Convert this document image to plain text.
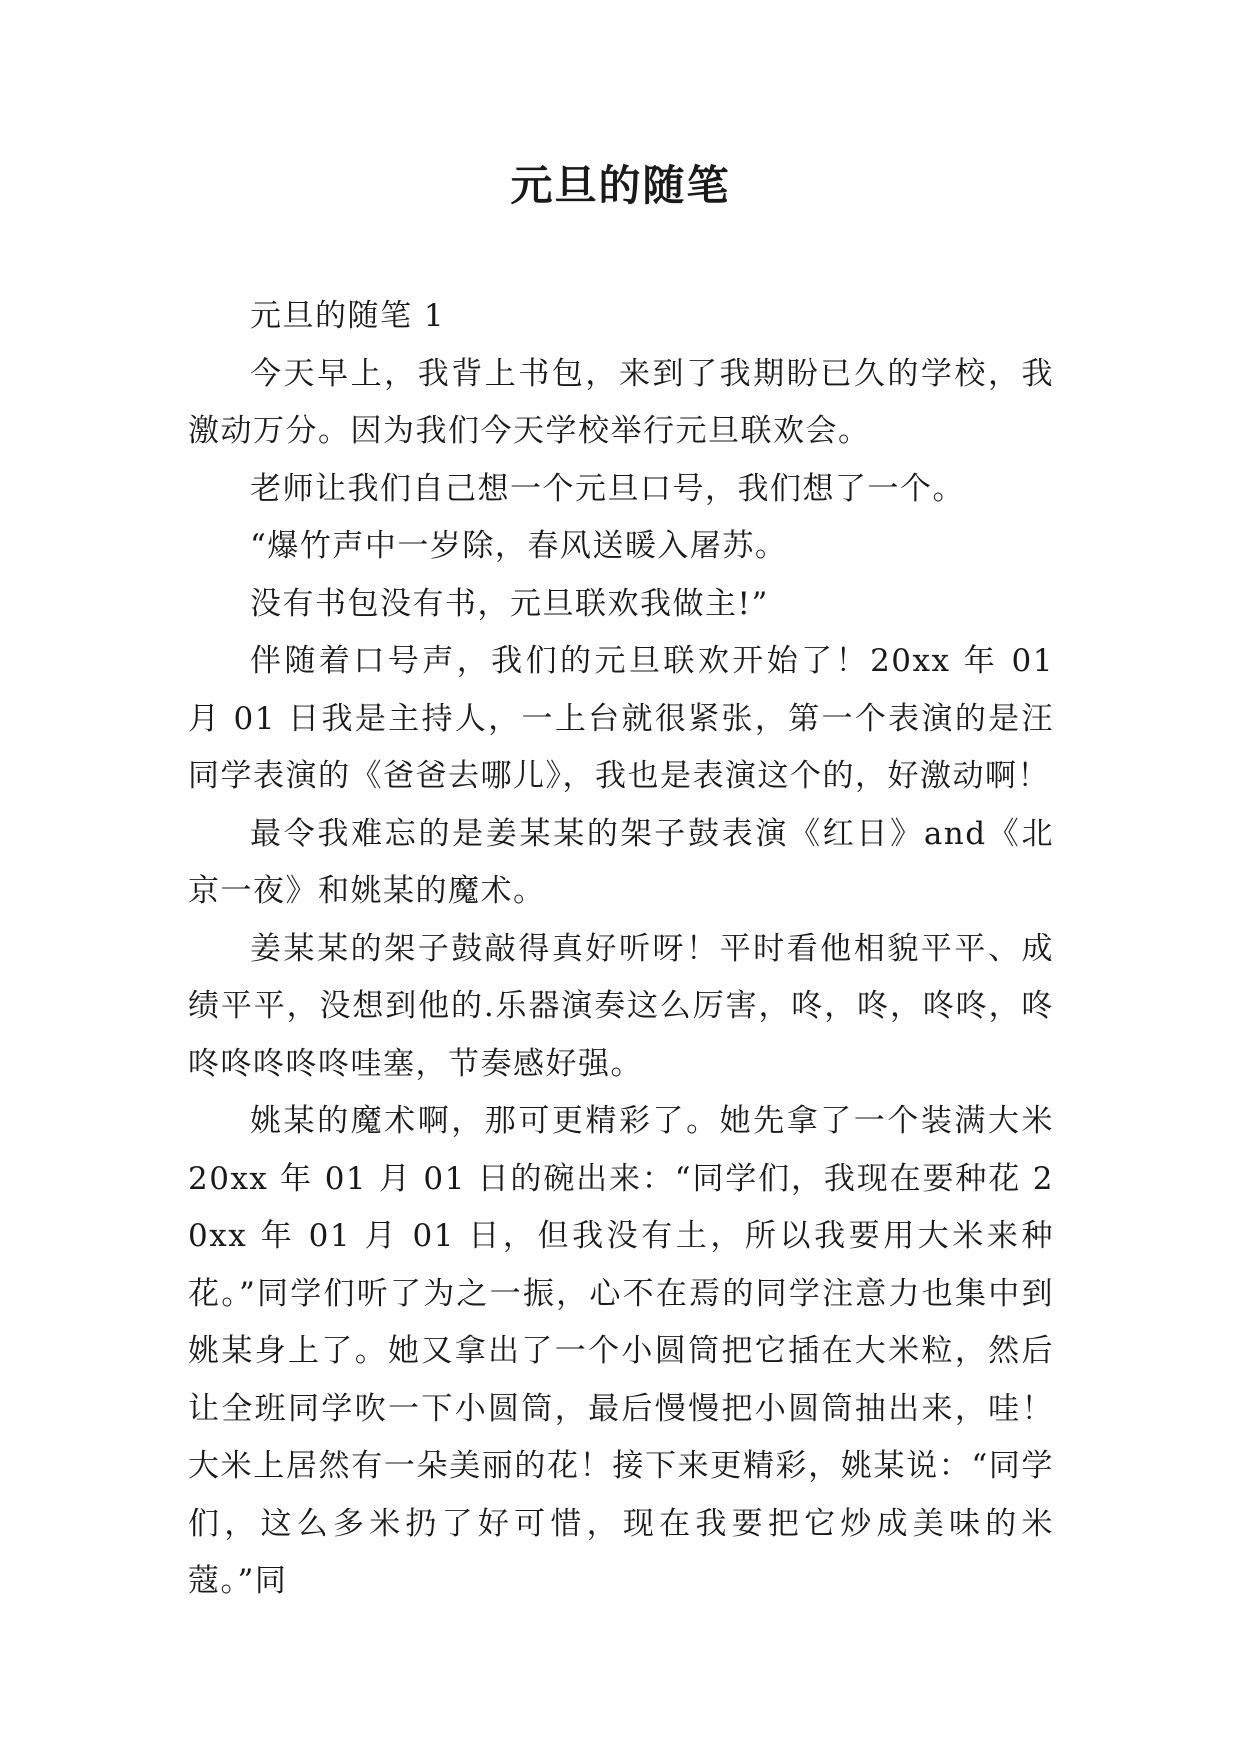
元旦的随笔

元旦的随笔 1

今天早上，我背上书包，来到了我期盼已久的学校，我激动万分。因为我们今天学校举行元旦联欢会。

老师让我们自己想一个元旦口号，我们想了一个。

“爆竹声中一岁除，春风送暖入屠苏。

没有书包没有书，元旦联欢我做主!”

伴随着口号声，我们的元旦联欢开始了！20xx 年 01 月 01 日我是主持人，一上台就很紧张，第一个表演的是汪同学表演的《爸爸去哪儿》，我也是表演这个的，好激动啊！

最令我难忘的是姜某某的架子鼓表演《红日》and《北京一夜》和姚某的魔术。

姜某某的架子鼓敲得真好听呀！平时看他相貌平平、成绩平平，没想到他的.乐器演奏这么厉害，咚，咚，咚咚，咚咚咚咚咚咚哇塞，节奏感好强。

姚某的魔术啊，那可更精彩了。她先拿了一个装满大米 20xx 年 01 月 01 日的碗出来：“同学们，我现在要种花 20xx 年 01 月 01 日，但我没有土，所以我要用大米来种花。”同学们听了为之一振，心不在焉的同学注意力也集中到姚某身上了。她又拿出了一个小圆筒把它插在大米粒，然后让全班同学吹一下小圆筒，最后慢慢把小圆筒抽出来，哇！大米上居然有一朵美丽的花！接下来更精彩，姚某说：“同学们，这么多米扔了好可惜，现在我要把它炒成美味的米蔻。”同
